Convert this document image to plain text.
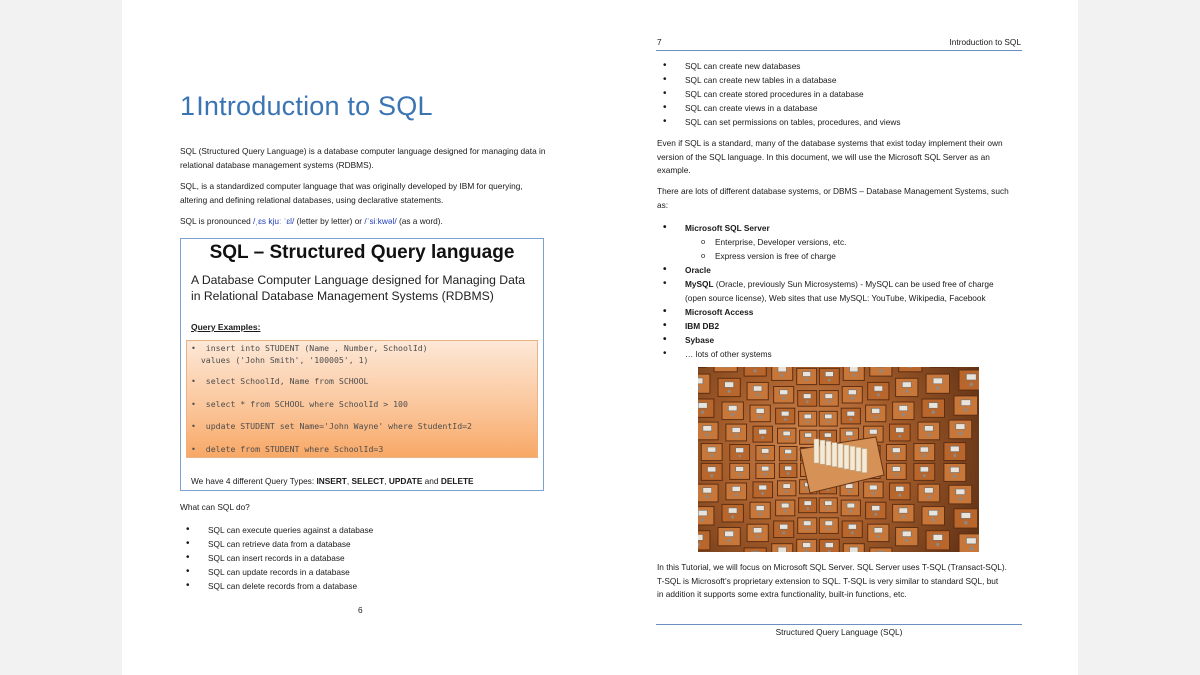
1Introduction to SQL

SQL (Structured Query Language) is a database computer language designed for managing data in relational database management systems (RDBMS).

SQL, is a standardized computer language that was originally developed by IBM for querying, altering and defining relational databases, using declarative statements.

SQL is pronounced /ˌɛs kjuː ˈɛl/ (letter by letter) or /ˈsiːkwəl/ (as a word).

SQL – Structured Query language
A Database Computer Language designed for Managing Data in Relational Database Management Systems (RDBMS)
Query Examples:
•  insert into STUDENT (Name , Number, SchoolId)
values ('John Smith', '100005', 1)
•  select SchoolId, Name from SCHOOL
•  select * from SCHOOL where SchoolId > 100
•  update STUDENT set Name='John Wayne' where StudentId=2
•  delete from STUDENT where SchoolId=3
We have 4 different Query Types: INSERT, SELECT, UPDATE and DELETE

What can SQL do?

• SQL can execute queries against a database
• SQL can retrieve data from a database
• SQL can insert records in a database
• SQL can update records in a database
• SQL can delete records from a database
6
7	Introduction to SQL
• SQL can create new databases
• SQL can create new tables in a database
• SQL can create stored procedures in a database
• SQL can create views in a database
• SQL can set permissions on tables, procedures, and views

Even if SQL is a standard, many of the database systems that exist today implement their own version of the SQL language. In this document, we will use the Microsoft SQL Server as an example.

There are lots of different database systems, or DBMS – Database Management Systems, such as:

• Microsoft SQL Server
o Enterprise, Developer versions, etc.
o Express version is free of charge
• Oracle
• MySQL (Oracle, previously Sun Microsystems) - MySQL can be used free of charge
(open source license), Web sites that use MySQL: YouTube, Wikipedia, Facebook
• Microsoft Access
• IBM DB2
• Sybase
• … lots of other systems

In this Tutorial, we will focus on Microsoft SQL Server. SQL Server uses T-SQL (Transact-SQL).
T-SQL is Microsoft’s proprietary extension to SQL. T-SQL is very similar to standard SQL, but
in addition it supports some extra functionality, built-in functions, etc.

Structured Query Language (SQL)
